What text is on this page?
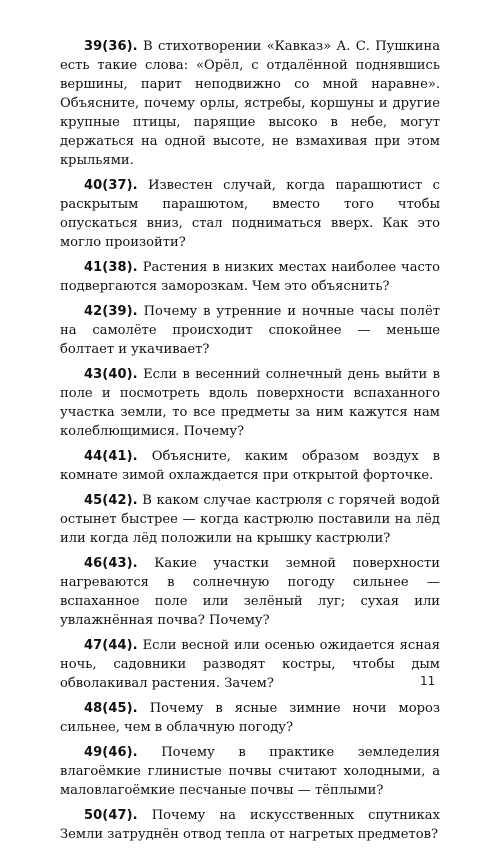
39(36). В стихотворении «Кавказ» А. С. Пушкина есть такие слова: «Орёл, с отдалённой поднявшись вершины, парит неподвижно со мной наравне». Объясните, почему орлы, ястребы, коршуны и другие крупные птицы, парящие высоко в небе, могут держаться на одной высоте, не взмахивая при этом крыльями.

40(37). Известен случай, когда парашютист с раскрытым парашютом, вместо того чтобы опускаться вниз, стал подниматься вверх. Как это могло произойти?

41(38). Растения в низких местах наиболее часто подвергаются заморозкам. Чем это объяснить?

42(39). Почему в утренние и ночные часы полёт на самолёте происходит спокойнее — меньше болтает и укачивает?

43(40). Если в весенний солнечный день выйти в поле и посмотреть вдоль поверхности вспаханного участка земли, то все предметы за ним кажутся нам колеблющимися. Почему?

44(41). Объясните, каким образом воздух в комнате зимой охлаждается при открытой форточке.

45(42). В каком случае кастрюля с горячей водой остынет быстрее — когда кастрюлю поставили на лёд или когда лёд положили на крышку кастрюли?

46(43). Какие участки земной поверхности нагреваются в солнечную погоду сильнее — вспаханное поле или зелёный луг; сухая или увлажнённая почва? Почему?

47(44). Если весной или осенью ожидается ясная ночь, садовники разводят костры, чтобы дым обволакивал растения. Зачем?

48(45). Почему в ясные зимние ночи мороз сильнее, чем в облачную погоду?

49(46). Почему в практике земледелия влагоёмкие глинистые почвы считают холодными, а маловлагоёмкие песчаные почвы — тёплыми?

50(47). Почему на искусственных спутниках Земли затруднён отвод тепла от нагретых предметов?

11
